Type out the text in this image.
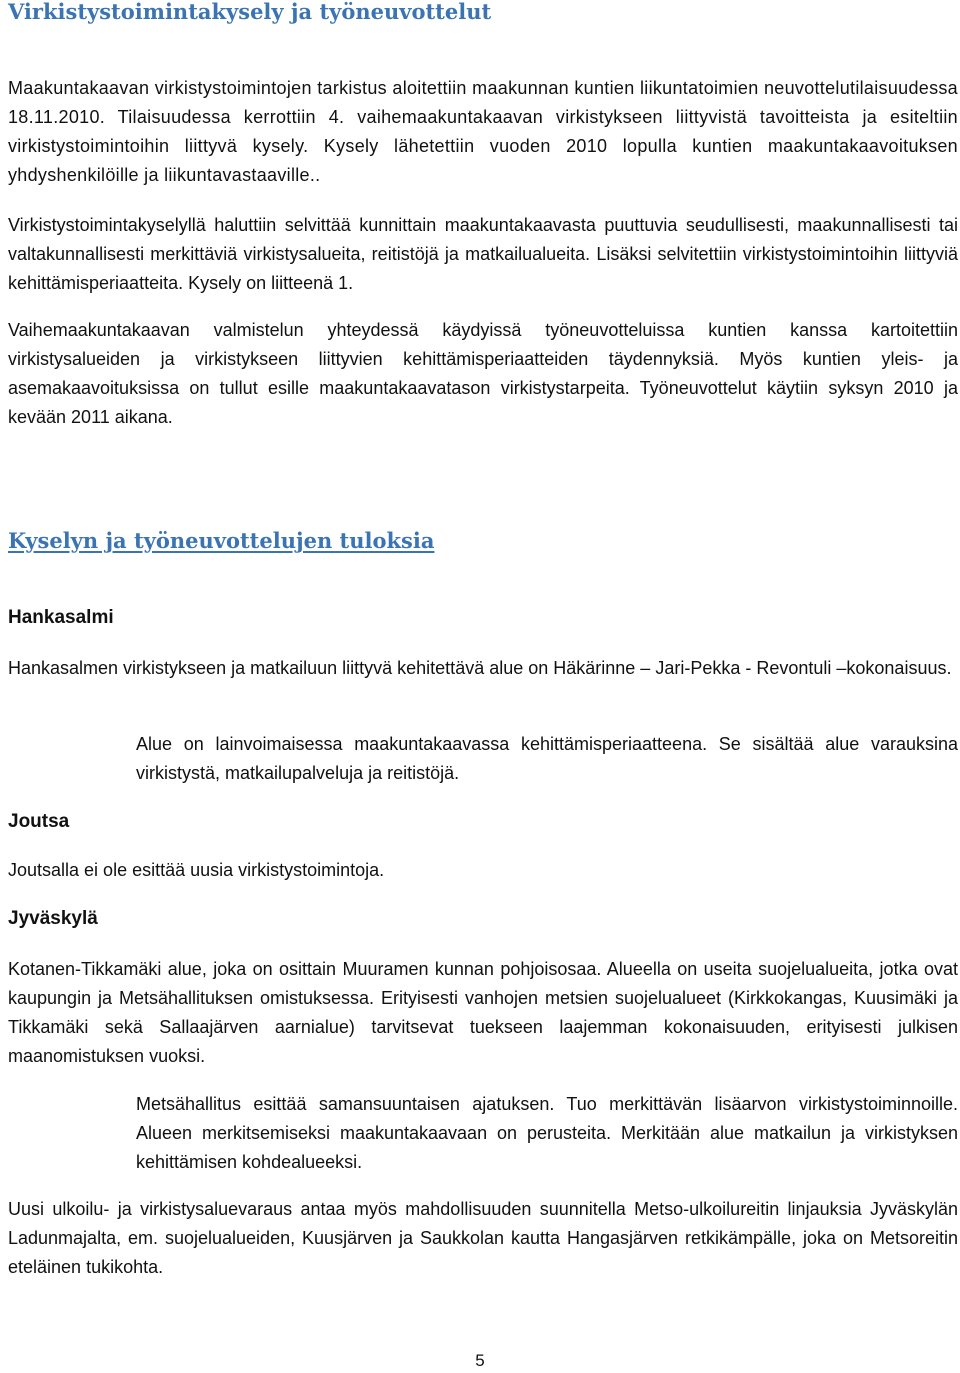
Virkistystoimintakysely ja työneuvottelut

Maakuntakaavan virkistystoimintojen tarkistus aloitettiin maakunnan kuntien liikuntatoimien neuvottelutilaisuudessa 18.11.2010. Tilaisuudessa kerrottiin 4. vaihemaakuntakaavan virkistykseen liittyvistä tavoitteista ja esiteltiin virkistystoimintoihin liittyvä kysely. Kysely lähetettiin vuoden 2010 lopulla kuntien maakuntakaavoituksen yhdyshenkilöille ja liikuntavastaaville..

Virkistystoimintakyselyllä haluttiin selvittää kunnittain maakuntakaavasta puuttuvia seudullisesti, maakunnallisesti tai valtakunnallisesti merkittäviä virkistysalueita, reitistöjä ja matkailualueita. Lisäksi selvitettiin virkistystoimintoihin liittyviä kehittämisperiaatteita. Kysely on liitteenä 1.

Vaihemaakuntakaavan valmistelun yhteydessä käydyissä työneuvotteluissa kuntien kanssa kartoitettiin virkistysalueiden ja virkistykseen liittyvien kehittämisperiaatteiden täydennyksiä. Myös kuntien yleis- ja asemakaavoituksissa on tullut esille maakuntakaavatason virkistystarpeita. Työneuvottelut käytiin syksyn 2010 ja kevään 2011 aikana.

Kyselyn ja työneuvottelujen tuloksia
Hankasalmi

Hankasalmen virkistykseen ja matkailuun liittyvä kehitettävä alue on Häkärinne – Jari-Pekka - Revontuli –kokonaisuus.

Alue on lainvoimaisessa maakuntakaavassa kehittämisperiaatteena. Se sisältää alue varauksina virkistystä, matkailupalveluja ja reitistöjä.

Joutsa

Joutsalla ei ole esittää uusia virkistystoimintoja.

Jyväskylä

Kotanen-Tikkamäki alue, joka on osittain Muuramen kunnan pohjoisosaa. Alueella on useita suojelualueita, jotka ovat kaupungin ja Metsähallituksen omistuksessa. Erityisesti vanhojen metsien suojelualueet (Kirkkokangas, Kuusimäki ja Tikkamäki sekä Sallaajärven aarnialue) tarvitsevat tuekseen laajemman kokonaisuuden, erityisesti julkisen maanomistuksen vuoksi.

Metsähallitus esittää samansuuntaisen ajatuksen. Tuo merkittävän lisäarvon virkistystoiminnoille. Alueen merkitsemiseksi maakuntakaavaan on perusteita. Merkitään alue matkailun ja virkistyksen kehittämisen kohdealueeksi.

Uusi ulkoilu- ja virkistysaluevaraus antaa myös mahdollisuuden suunnitella Metso-ulkoilureitin linjauksia Jyväskylän Ladunmajalta, em. suojelualueiden, Kuusjärven ja Saukkolan kautta Hangasjärven retkikämpälle, joka on Metsoreitin eteläinen tukikohta.

5
